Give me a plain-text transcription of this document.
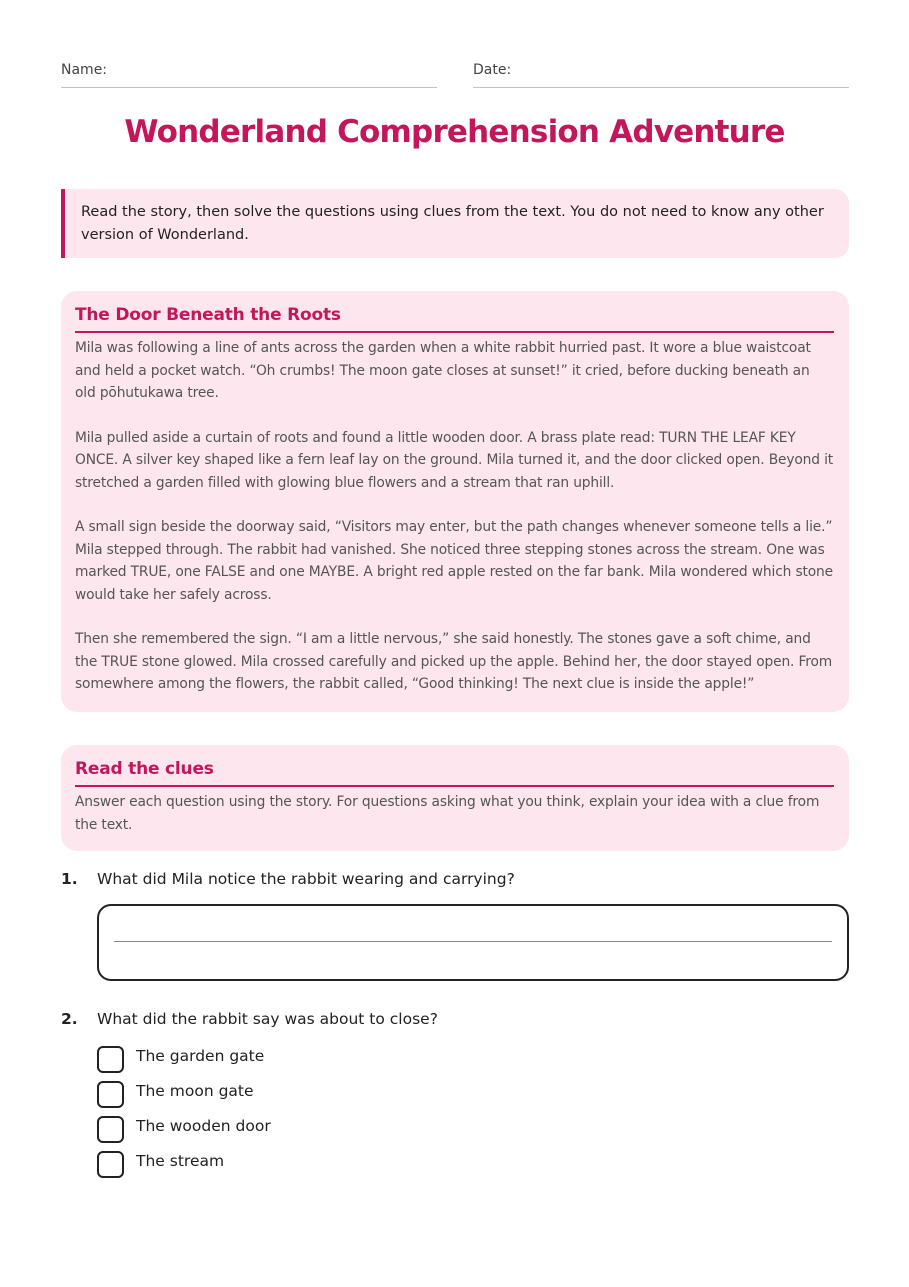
Name:	Date:
Wonderland Comprehension Adventure
Read the story, then solve the questions using clues from the text. You do not need to know any other version of Wonderland.
The Door Beneath the Roots

Mila was following a line of ants across the garden when a white rabbit hurried past. It wore a blue waistcoat and held a pocket watch. “Oh crumbs! The moon gate closes at sunset!” it cried, before ducking beneath an old pōhutukawa tree.

Mila pulled aside a curtain of roots and found a little wooden door. A brass plate read: TURN THE LEAF KEY ONCE. A silver key shaped like a fern leaf lay on the ground. Mila turned it, and the door clicked open. Beyond it stretched a garden filled with glowing blue flowers and a stream that ran uphill.

A small sign beside the doorway said, “Visitors may enter, but the path changes whenever someone tells a lie.” Mila stepped through. The rabbit had vanished. She noticed three stepping stones across the stream. One was marked TRUE, one FALSE and one MAYBE. A bright red apple rested on the far bank. Mila wondered which stone would take her safely across.

Then she remembered the sign. “I am a little nervous,” she said honestly. The stones gave a soft chime, and the TRUE stone glowed. Mila crossed carefully and picked up the apple. Behind her, the door stayed open. From somewhere among the flowers, the rabbit called, “Good thinking! The next clue is inside the apple!”

Read the clues

Answer each question using the story. For questions asking what you think, explain your idea with a clue from the text.

1. What did Mila notice the rabbit wearing and carrying?
2. What did the rabbit say was about to close?
The garden gate
The moon gate
The wooden door
The stream
